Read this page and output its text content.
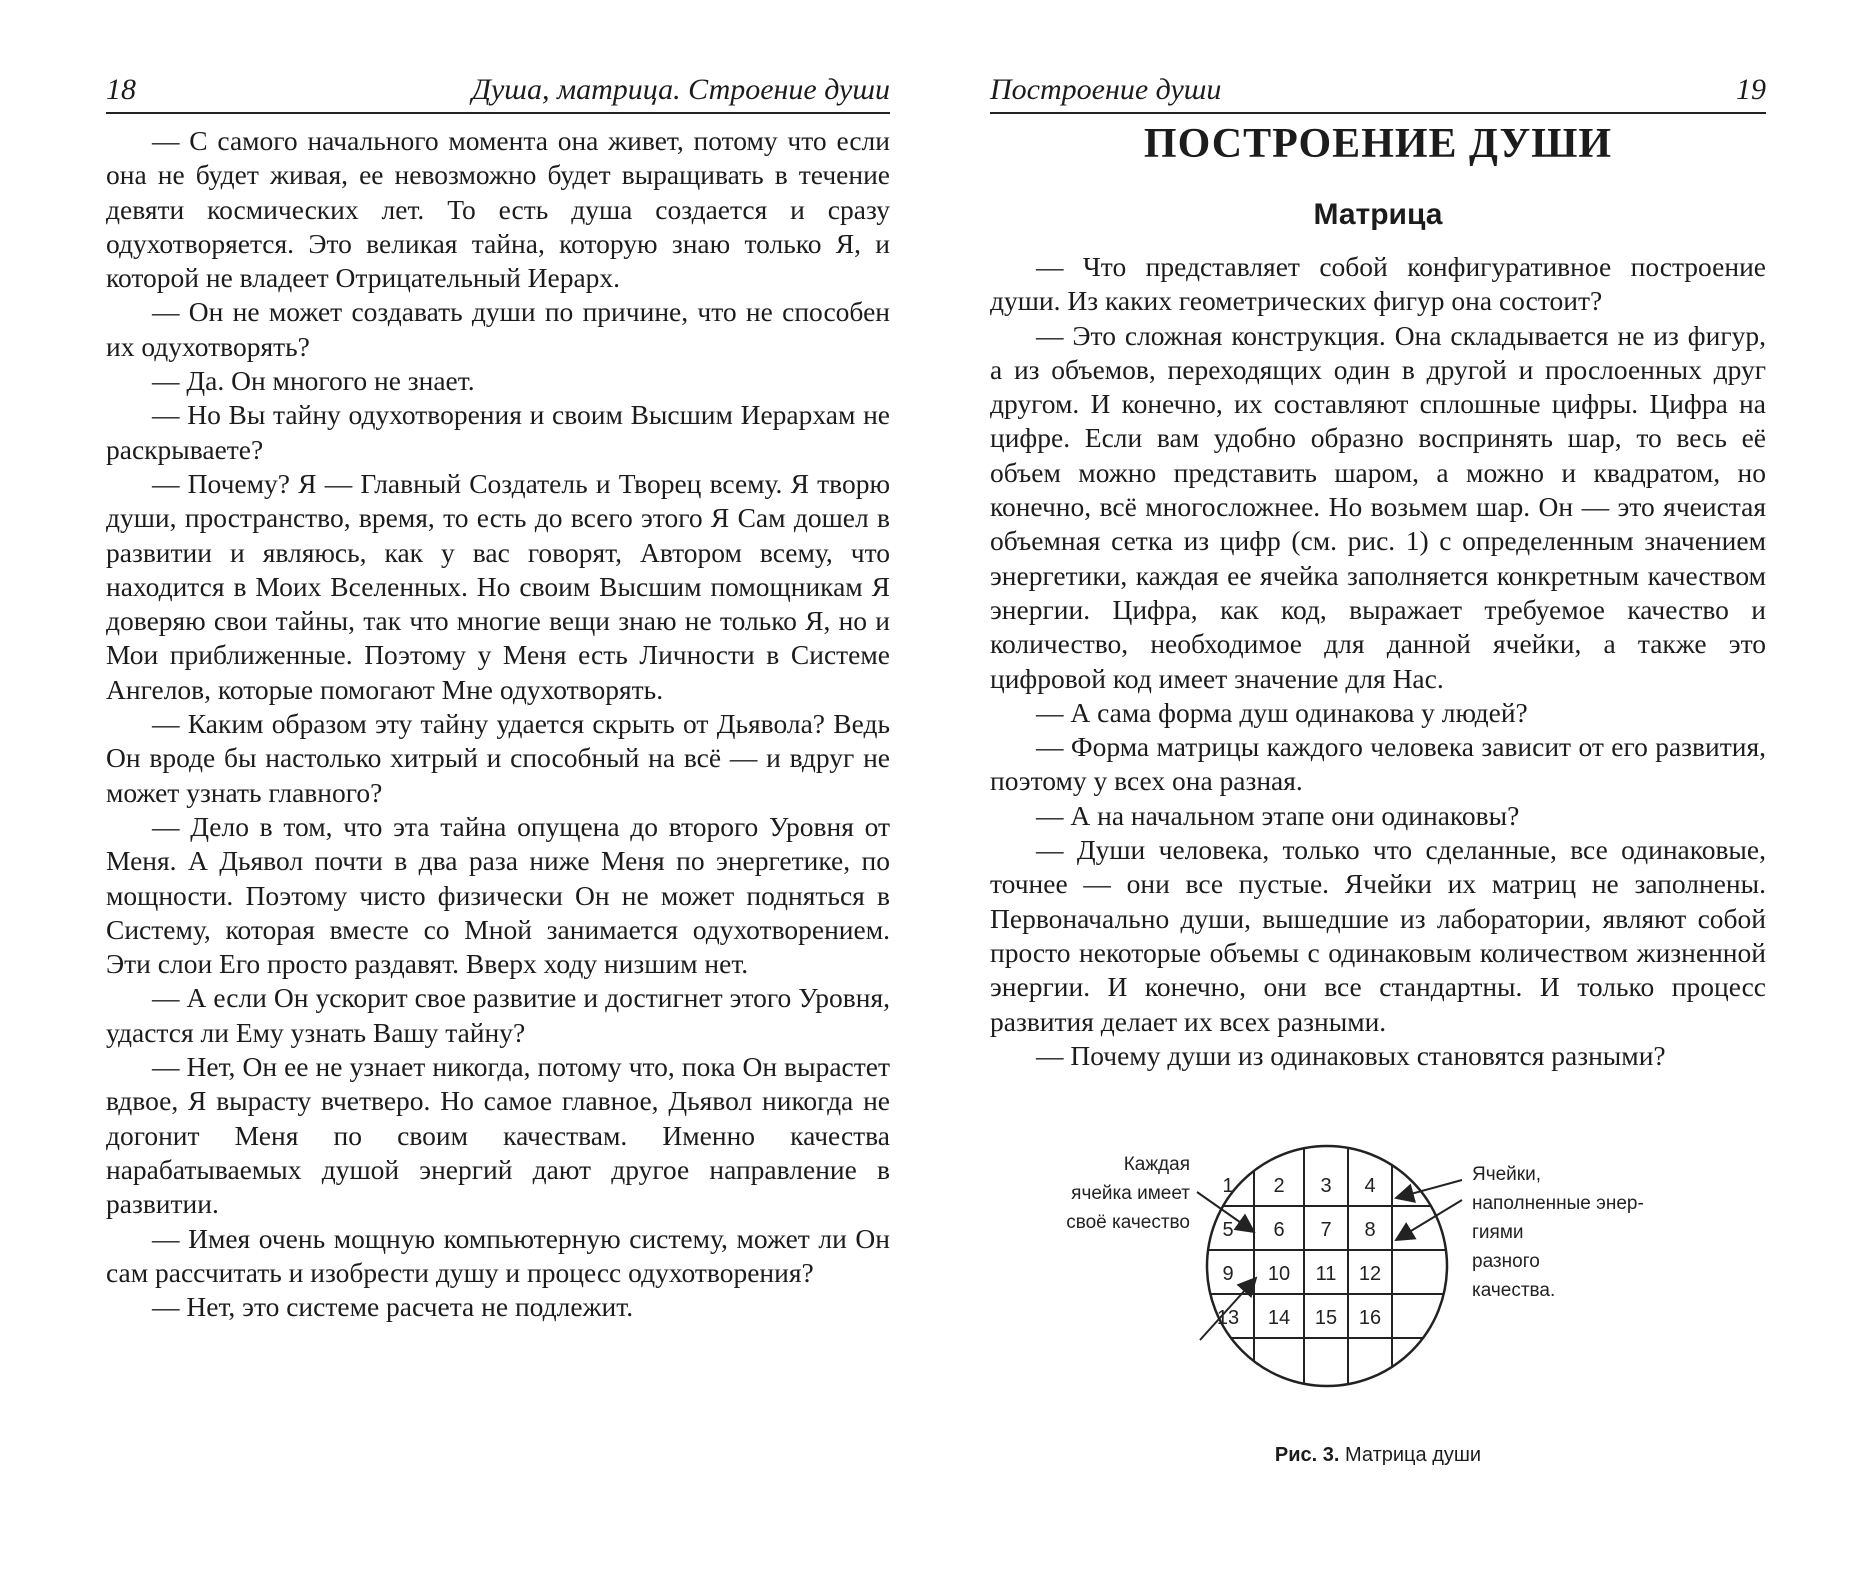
18	Душа, матрица. Строение души

— С самого начального момента она живет, потому что если она не будет живая, ее невозможно будет выращивать в течение девяти космических лет. То есть душа создается и сразу одухотворяется. Это великая тайна, которую знаю только Я, и которой не владеет Отрицательный Иерарх.

— Он не может создавать души по причине, что не способен их одухотворять?

— Да. Он многого не знает.

— Но Вы тайну одухотворения и своим Высшим Иерархам не раскрываете?

— Почему? Я — Главный Создатель и Творец всему. Я творю души, пространство, время, то есть до всего этого Я Сам дошел в развитии и являюсь, как у вас говорят, Автором всему, что находится в Моих Вселенных. Но своим Высшим помощникам Я доверяю свои тайны, так что многие вещи знаю не только Я, но и Мои приближенные. Поэтому у Меня есть Личности в Системе Ангелов, которые помогают Мне одухотворять.

— Каким образом эту тайну удается скрыть от Дьявола? Ведь Он вроде бы настолько хитрый и способный на всё — и вдруг не может узнать главного?

— Дело в том, что эта тайна опущена до второго Уровня от Меня. А Дьявол почти в два раза ниже Меня по энергетике, по мощности. Поэтому чисто физически Он не может подняться в Систему, которая вместе со Мной занимается одухотворением. Эти слои Его просто раздавят. Вверх ходу низшим нет.

— А если Он ускорит свое развитие и достигнет этого Уровня, удастся ли Ему узнать Вашу тайну?

— Нет, Он ее не узнает никогда, потому что, пока Он вырастет вдвое, Я вырасту вчетверо. Но самое главное, Дьявол никогда не догонит Меня по своим качествам. Именно качества нарабатываемых душой энергий дают другое направление в развитии.

— Имея очень мощную компьютерную систему, может ли Он сам рассчитать и изобрести душу и процесс одухотворения?

— Нет, это системе расчета не подлежит.

Построение души	19
ПОСТРОЕНИЕ ДУШИ
Матрица

— Что представляет собой конфигуративное построение души. Из каких геометрических фигур она состоит?

— Это сложная конструкция. Она складывается не из фигур, а из объемов, переходящих один в другой и прослоенных друг другом. И конечно, их составляют сплошные цифры. Цифра на цифре. Если вам удобно образно воспринять шар, то весь её объем можно представить шаром, а можно и квадратом, но конечно, всё многосложнее. Но возьмем шар. Он — это ячеистая объемная сетка из цифр (см. рис. 1) с определенным значением энергетики, каждая ее ячейка заполняется конкретным качеством энергии. Цифра, как код, выражает требуемое качество и количество, необходимое для данной ячейки, а также это цифровой код имеет значение для Нас.

— А сама форма душ одинакова у людей?

— Форма матрицы каждого человека зависит от его развития, поэтому у всех она разная.

— А на начальном этапе они одинаковы?

— Души человека, только что сделанные, все одинаковые, точнее — они все пустые. Ячейки их матриц не заполнены. Первоначально души, вышедшие из лаборатории, являют собой просто некоторые объемы с одинаковым количеством жизненной энергии. И конечно, они все стандартны. И только процесс развития делает их всех разными.

— Почему души из одинаковых становятся разными?

Каждая
ячейка имеет
своё качество
Ячейки,
наполненные энер-
гиями
разного
качества.
1 2 3 4
5 6 7 8
9 10 11 12
13 14 15 16
Рис. 3. Матрица души
